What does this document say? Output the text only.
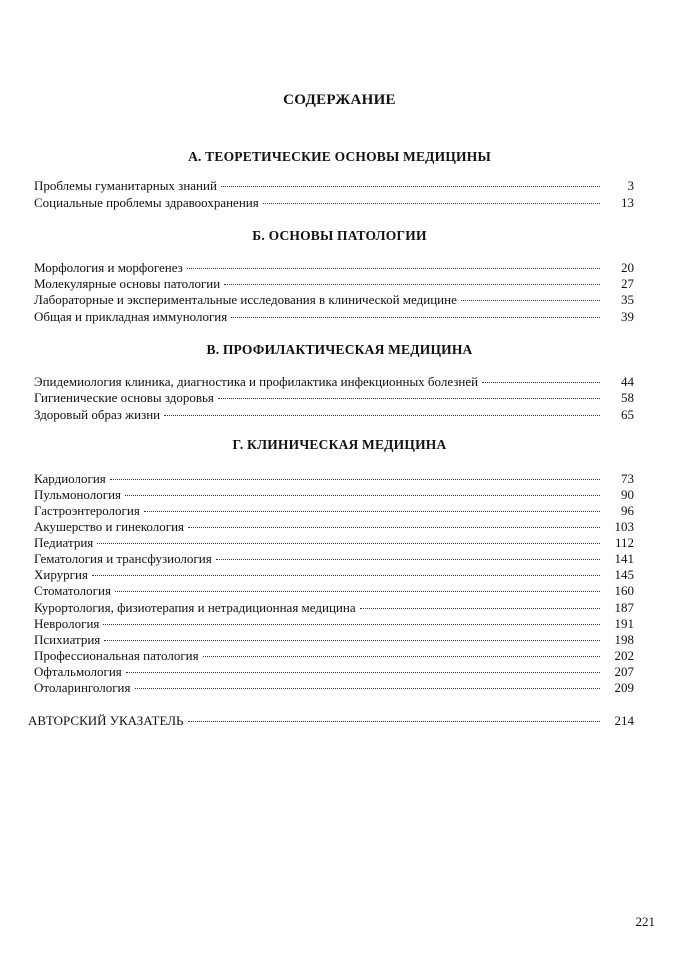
СОДЕРЖАНИЕ
А. ТЕОРЕТИЧЕСКИЕ ОСНОВЫ МЕДИЦИНЫ
Проблемы гуманитарных знаний	3
Социальные проблемы здравоохранения	13
Б. ОСНОВЫ ПАТОЛОГИИ
Морфология и морфогенез	20
Молекулярные основы патологии	27
Лабораторные и экспериментальные исследования в клинической медицине	35
Общая и прикладная иммунология	39
В. ПРОФИЛАКТИЧЕСКАЯ МЕДИЦИНА
Эпидемиология клиника, диагностика и профилактика инфекционных болезней	44
Гигиенические основы здоровья	58
Здоровый образ жизни	65
Г. КЛИНИЧЕСКАЯ МЕДИЦИНА
Кардиология	73
Пульмонология	90
Гастроэнтерология	96
Акушерство и гинекология	103
Педиатрия	112
Гематология и трансфузиология	141
Хирургия	145
Стоматология	160
Курортология, физиотерапия и нетрадиционная медицина	187
Неврология	191
Психиатрия	198
Профессиональная патология	202
Офтальмология	207
Отоларингология	209
АВТОРСКИЙ УКАЗАТЕЛЬ	214
221
